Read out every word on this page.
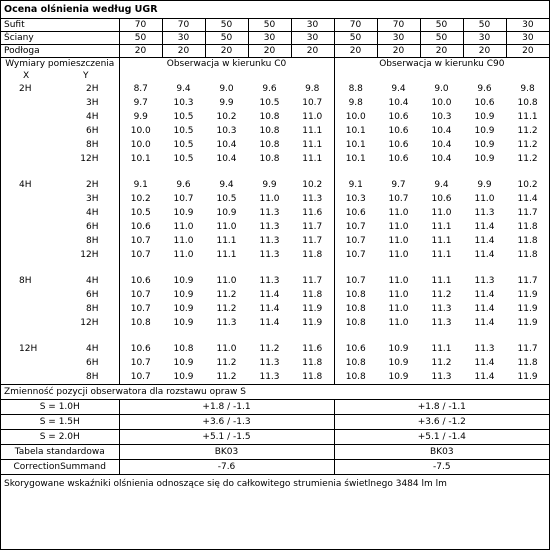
Ocena olśnienia według UGR											
Sufit		70	70	50	50	30	70	70	50	50	30
Ściany		50	30	50	30	30	50	30	50	30	30
Podłoga		20	20	20	20	20	20	20	20	20	20
Wymiary pomieszczenia		Obserwacja w kierunku C0					Obserwacja w kierunku C90				
X	Y										
2H	2H	8.7	9.4	9.0	9.6	9.8	8.8	9.4	9.0	9.6	9.8
	3H	9.7	10.3	9.9	10.5	10.7	9.8	10.4	10.0	10.6	10.8
	4H	9.9	10.5	10.2	10.8	11.0	10.0	10.6	10.3	10.9	11.1
	6H	10.0	10.5	10.3	10.8	11.1	10.1	10.6	10.4	10.9	11.2
	8H	10.0	10.5	10.4	10.8	11.1	10.1	10.6	10.4	10.9	11.2
	12H	10.1	10.5	10.4	10.8	11.1	10.1	10.6	10.4	10.9	11.2

4H	2H	9.1	9.6	9.4	9.9	10.2	9.1	9.7	9.4	9.9	10.2
	3H	10.2	10.7	10.5	11.0	11.3	10.3	10.7	10.6	11.0	11.4
	4H	10.5	10.9	10.9	11.3	11.6	10.6	11.0	11.0	11.3	11.7
	6H	10.6	11.0	11.0	11.3	11.7	10.7	11.0	11.1	11.4	11.8
	8H	10.7	11.0	11.1	11.3	11.7	10.7	11.0	11.1	11.4	11.8
	12H	10.7	11.0	11.1	11.3	11.8	10.7	11.0	11.1	11.4	11.8

8H	4H	10.6	10.9	11.0	11.3	11.7	10.7	11.0	11.1	11.3	11.7
	6H	10.7	10.9	11.2	11.4	11.8	10.8	11.0	11.2	11.4	11.9
	8H	10.7	10.9	11.2	11.4	11.9	10.8	11.0	11.3	11.4	11.9
	12H	10.8	10.9	11.3	11.4	11.9	10.8	11.0	11.3	11.4	11.9

12H	4H	10.6	10.8	11.0	11.2	11.6	10.6	10.9	11.1	11.3	11.7
	6H	10.7	10.9	11.2	11.3	11.8	10.8	10.9	11.2	11.4	11.8
	8H	10.7	10.9	11.2	11.3	11.8	10.8	10.9	11.3	11.4	11.9
Zmienność pozycji obserwatora dla rozstawu opraw S											
S = 1.0H		+1.8 / -1.1					+1.8 / -1.1				
S = 1.5H		+3.6 / -1.3					+3.6 / -1.2				
S = 2.0H		+5.1 / -1.5					+5.1 / -1.4				
Tabela standardowa		BK03					BK03				
CorrectionSummand		-7.6					-7.5				
Skorygowane wskaźniki olśnienia odnoszące się do całkowitego strumienia świetlnego 3484 lm lm											
